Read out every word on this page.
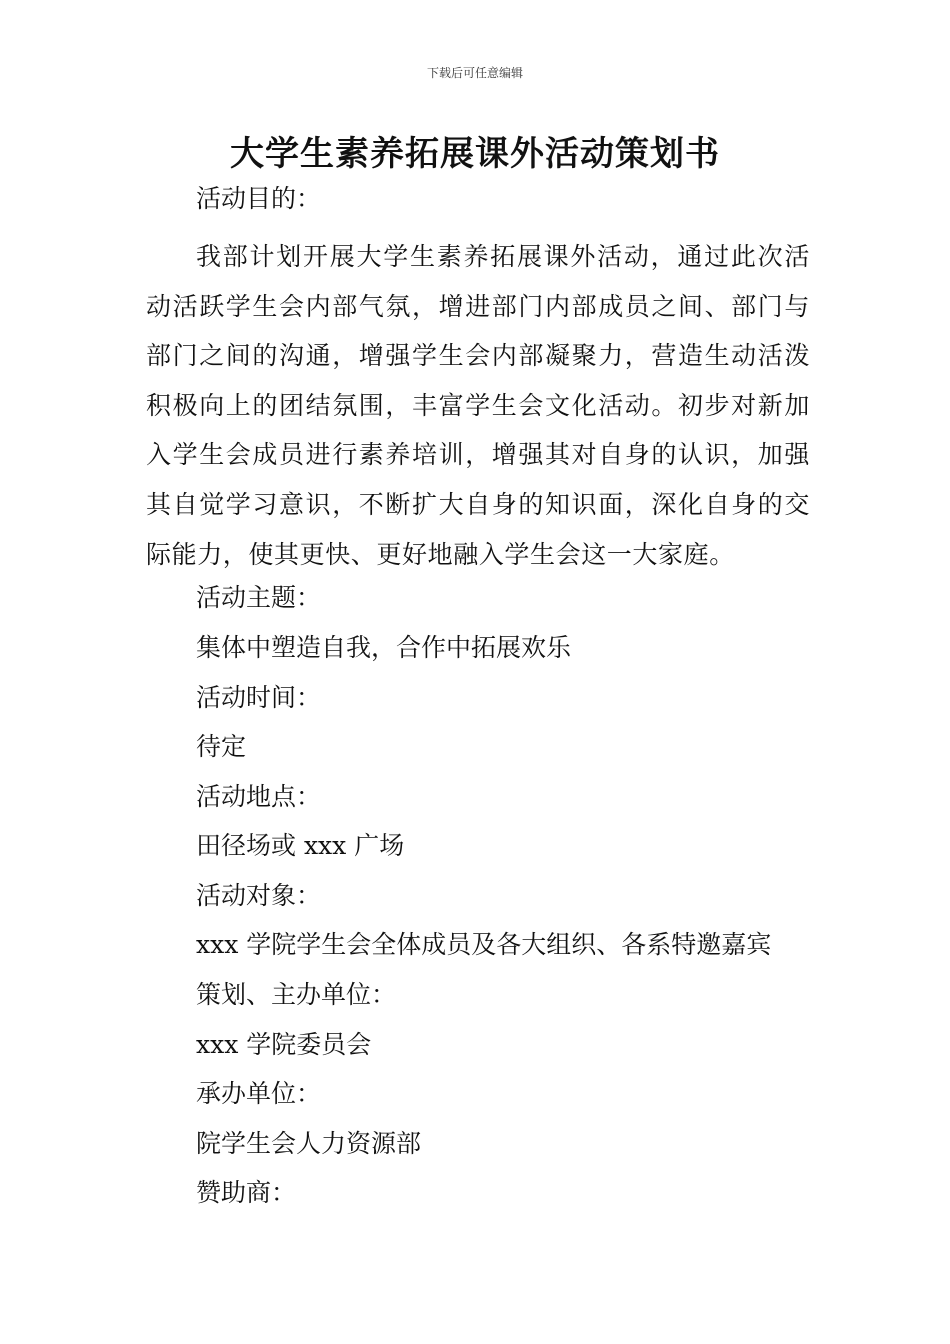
下载后可任意编辑
大学生素养拓展课外活动策划书
活动目的：
我部计划开展大学生素养拓展课外活动，通过此次活动活跃学生会内部气氛，增进部门内部成员之间、部门与部门之间的沟通，增强学生会内部凝聚力，营造生动活泼积极向上的团结氛围，丰富学生会文化活动。初步对新加入学生会成员进行素养培训，增强其对自身的认识，加强其自觉学习意识，不断扩大自身的知识面，深化自身的交际能力，使其更快、更好地融入学生会这一大家庭。
活动主题：
集体中塑造自我，合作中拓展欢乐
活动时间：
待定
活动地点：
田径场或 xxx 广场
活动对象：
xxx 学院学生会全体成员及各大组织、各系特邀嘉宾
策划、主办单位：
xxx 学院委员会
承办单位：
院学生会人力资源部
赞助商：
